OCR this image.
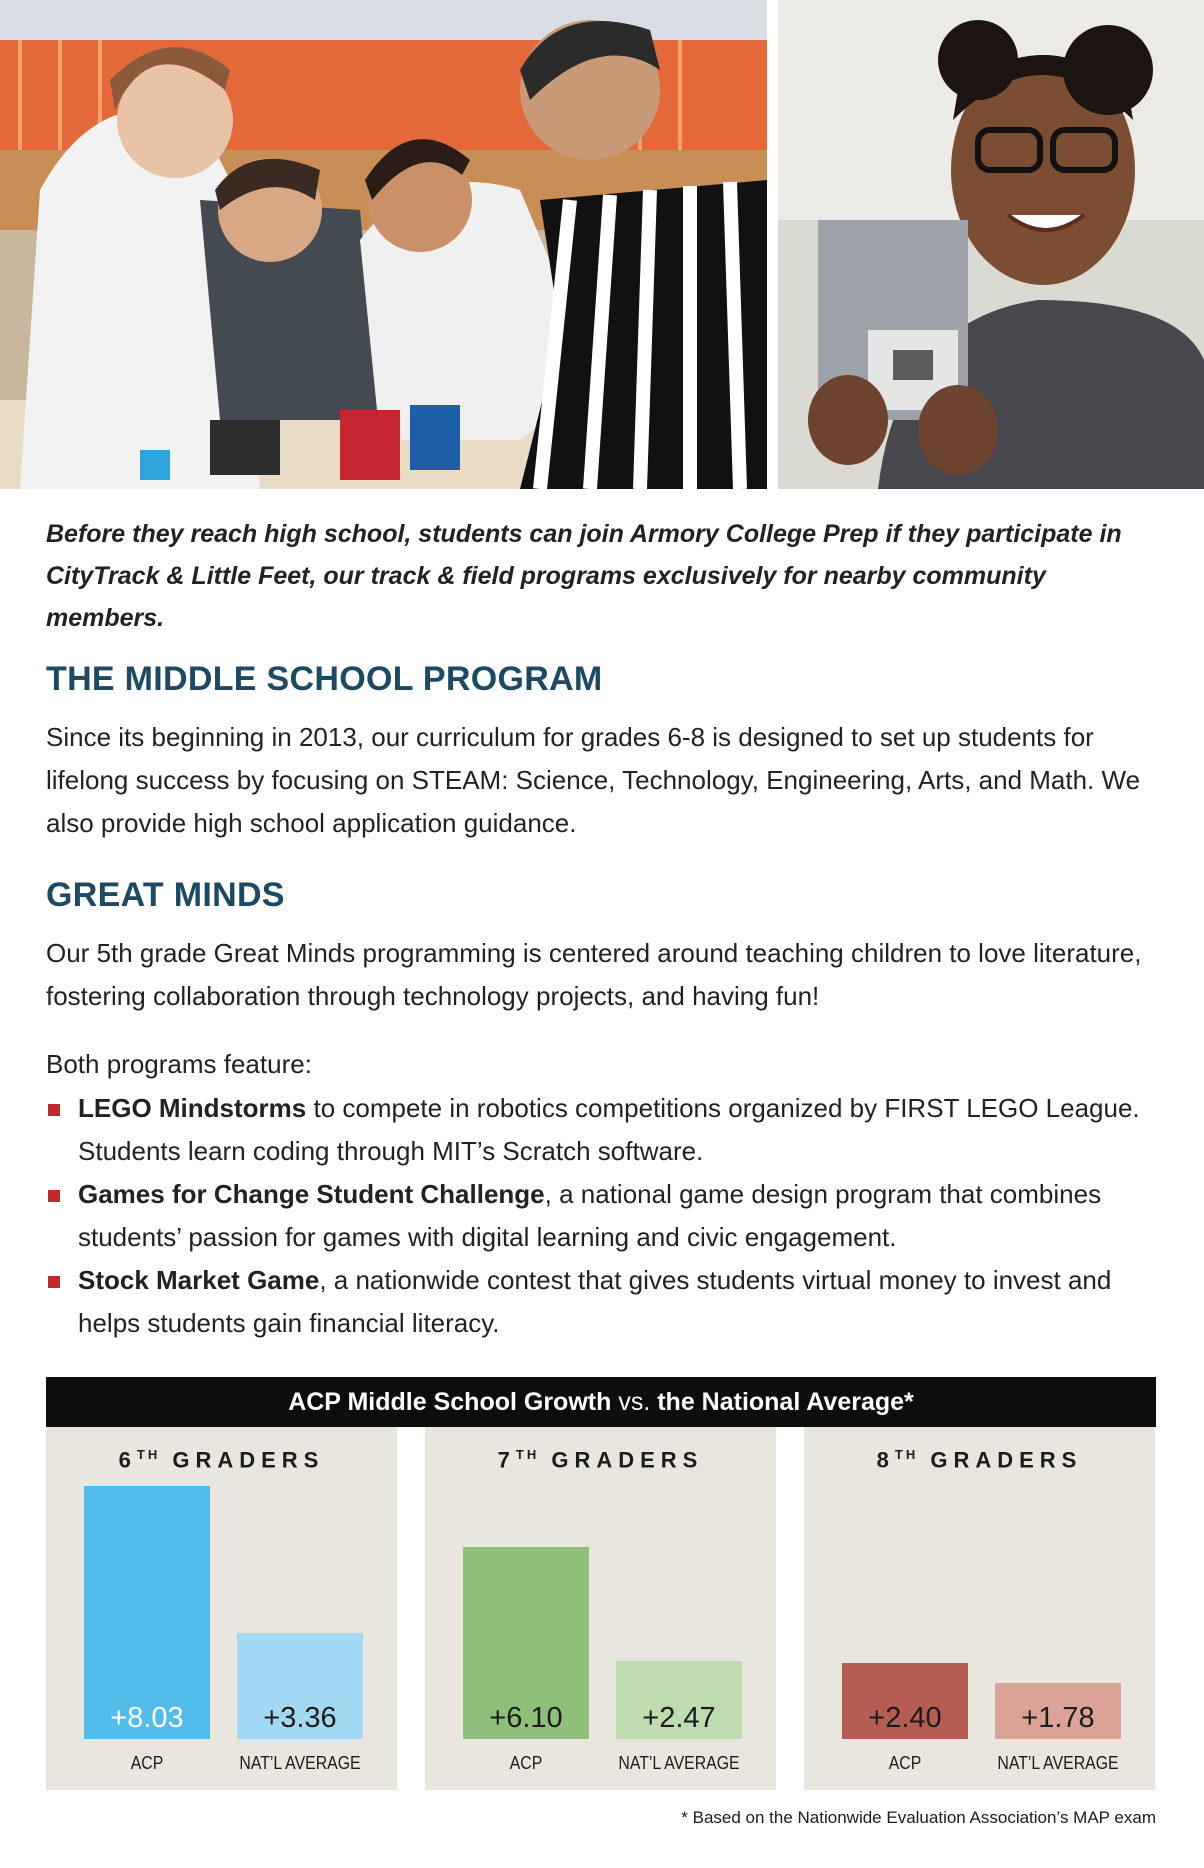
Before they reach high school, students can join Armory College Prep if they participate in CityTrack & Little Feet, our track & field programs exclusively for nearby community members.
THE MIDDLE SCHOOL PROGRAM

Since its beginning in 2013, our curriculum for grades 6-8 is designed to set up students for lifelong success by focusing on STEAM: Science, Technology, Engineering, Arts, and Math. We also provide high school application guidance.

GREAT MINDS

Our 5th grade Great Minds programming is centered around teaching children to love literature, fostering collaboration through technology projects, and having fun!

Both programs feature:

LEGO Mindstorms to compete in robotics competitions organized by FIRST LEGO League. Students learn coding through MIT’s Scratch software.
Games for Change Student Challenge, a national game design program that combines students’ passion for games with digital learning and civic engagement.
Stock Market Game, a nationwide contest that gives students virtual money to invest and helps students gain financial literacy.
ACP Middle School Growth vs. the National Average*
6TH GRADERS
+8.03
ACP
+3.36
NAT’L AVERAGE
7TH GRADERS
+6.10
ACP
+2.47
NAT’L AVERAGE
8TH GRADERS
+2.40
ACP
+1.78
NAT’L AVERAGE
* Based on the Nationwide Evaluation Association’s MAP exam
